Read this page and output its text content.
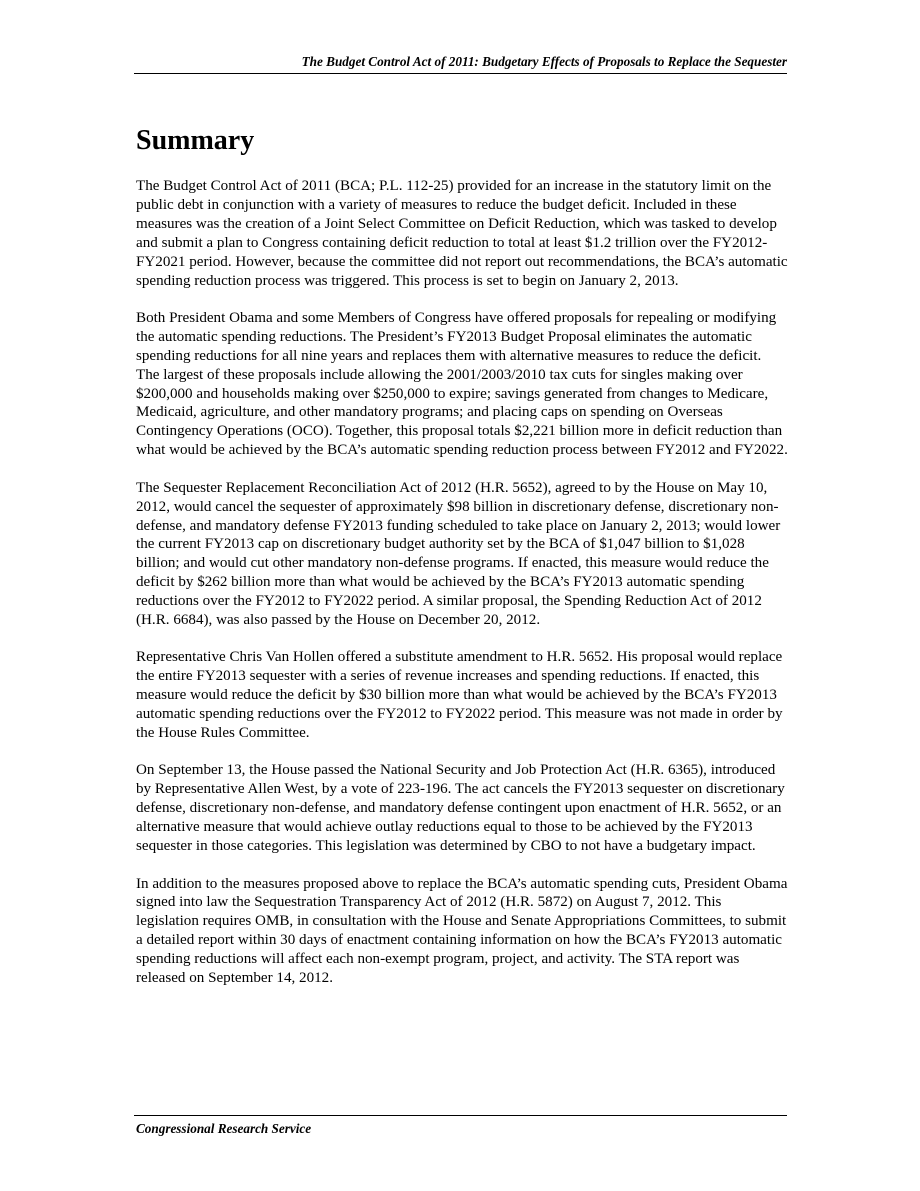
The Budget Control Act of 2011: Budgetary Effects of Proposals to Replace the Sequester
Summary

The Budget Control Act of 2011 (BCA; P.L. 112-25) provided for an increase in the statutory limit on the public debt in conjunction with a variety of measures to reduce the budget deficit. Included in these measures was the creation of a Joint Select Committee on Deficit Reduction, which was tasked to develop and submit a plan to Congress containing deficit reduction to total at least $1.2 trillion over the FY2012-FY2021 period. However, because the committee did not report out recommendations, the BCA’s automatic spending reduction process was triggered. This process is set to begin on January 2, 2013.

Both President Obama and some Members of Congress have offered proposals for repealing or modifying the automatic spending reductions. The President’s FY2013 Budget Proposal eliminates the automatic spending reductions for all nine years and replaces them with alternative measures to reduce the deficit. The largest of these proposals include allowing the 2001/2003/2010 tax cuts for singles making over $200,000 and households making over $250,000 to expire; savings generated from changes to Medicare, Medicaid, agriculture, and other mandatory programs; and placing caps on spending on Overseas Contingency Operations (OCO). Together, this proposal totals $2,221 billion more in deficit reduction than what would be achieved by the BCA’s automatic spending reduction process between FY2012 and FY2022.

The Sequester Replacement Reconciliation Act of 2012 (H.R. 5652), agreed to by the House on May 10, 2012, would cancel the sequester of approximately $98 billion in discretionary defense, discretionary non-defense, and mandatory defense FY2013 funding scheduled to take place on January 2, 2013; would lower the current FY2013 cap on discretionary budget authority set by the BCA of $1,047 billion to $1,028 billion; and would cut other mandatory non-defense programs. If enacted, this measure would reduce the deficit by $262 billion more than what would be achieved by the BCA’s FY2013 automatic spending reductions over the FY2012 to FY2022 period. A similar proposal, the Spending Reduction Act of 2012 (H.R. 6684), was also passed by the House on December 20, 2012.

Representative Chris Van Hollen offered a substitute amendment to H.R. 5652. His proposal would replace the entire FY2013 sequester with a series of revenue increases and spending reductions. If enacted, this measure would reduce the deficit by $30 billion more than what would be achieved by the BCA’s FY2013 automatic spending reductions over the FY2012 to FY2022 period. This measure was not made in order by the House Rules Committee.

On September 13, the House passed the National Security and Job Protection Act (H.R. 6365), introduced by Representative Allen West, by a vote of 223-196. The act cancels the FY2013 sequester on discretionary defense, discretionary non-defense, and mandatory defense contingent upon enactment of H.R. 5652, or an alternative measure that would achieve outlay reductions equal to those to be achieved by the FY2013 sequester in those categories. This legislation was determined by CBO to not have a budgetary impact.

In addition to the measures proposed above to replace the BCA’s automatic spending cuts, President Obama signed into law the Sequestration Transparency Act of 2012 (H.R. 5872) on August 7, 2012. This legislation requires OMB, in consultation with the House and Senate Appropriations Committees, to submit a detailed report within 30 days of enactment containing information on how the BCA’s FY2013 automatic spending reductions will affect each non-exempt program, project, and activity. The STA report was released on September 14, 2012.

Congressional Research Service
